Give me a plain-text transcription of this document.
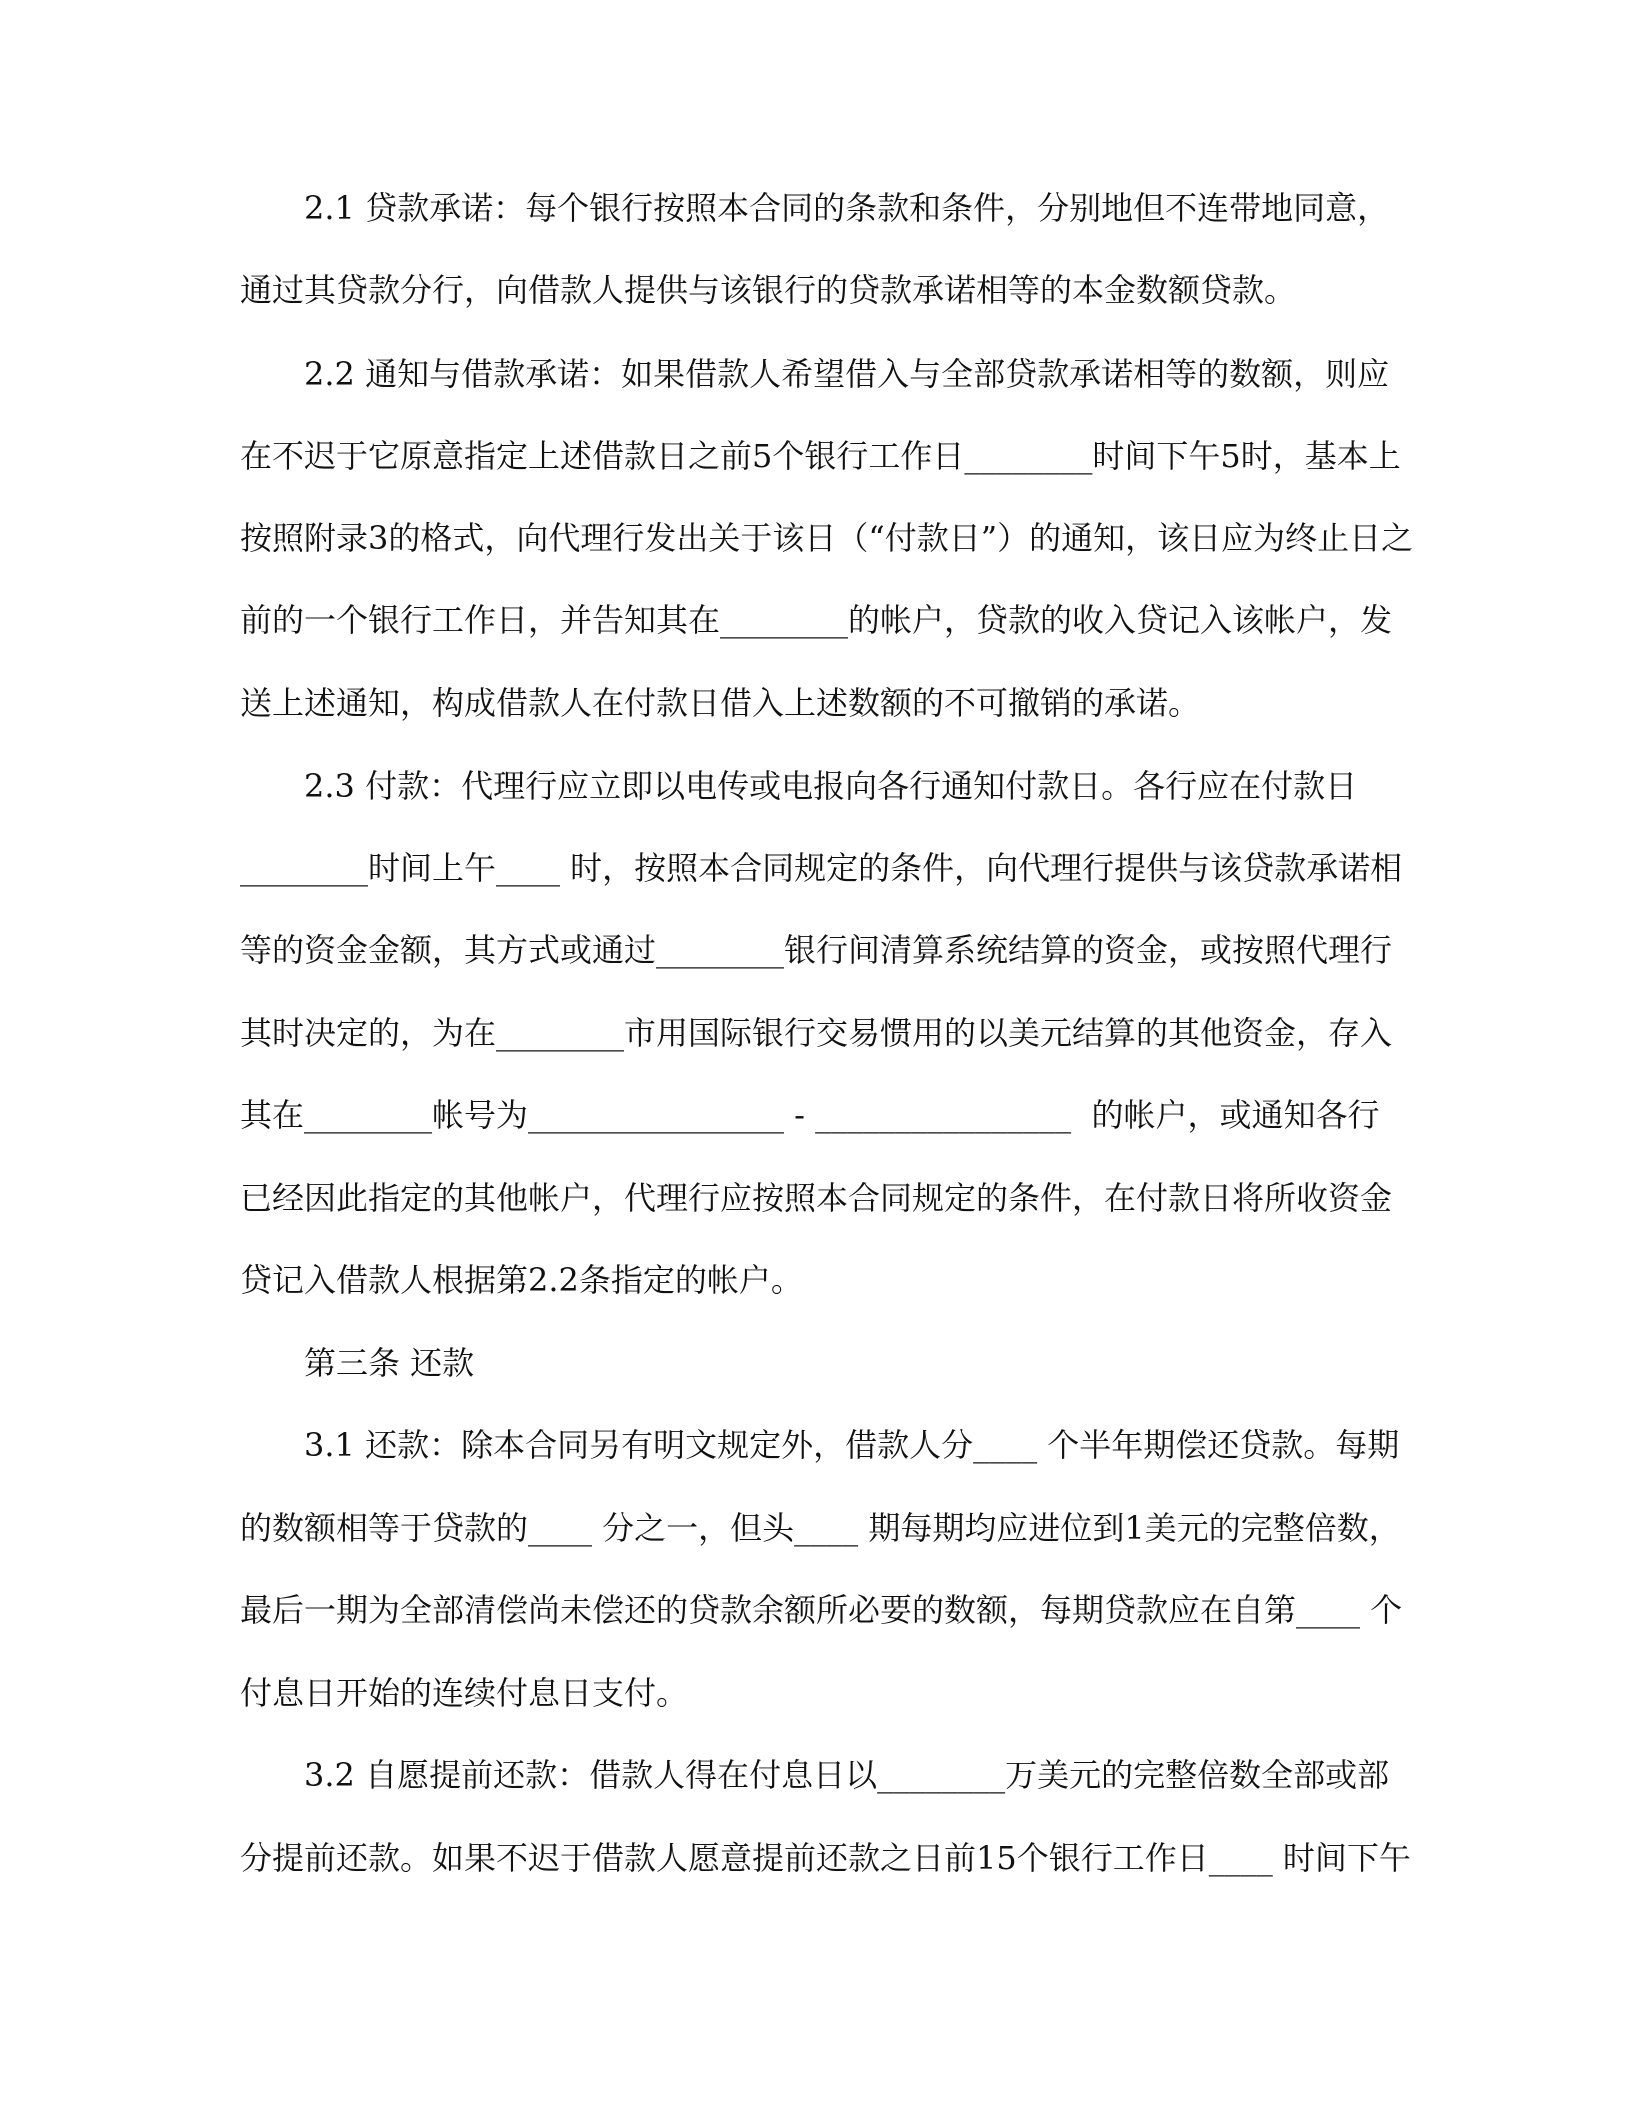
2.1 贷款承诺：每个银行按照本合同的条款和条件，分别地但不连带地同意，
通过其贷款分行，向借款人提供与该银行的贷款承诺相等的本金数额贷款。
2.2 通知与借款承诺：如果借款人希望借入与全部贷款承诺相等的数额，则应
在不迟于它原意指定上述借款日之前5个银行工作日________时间下午5时，基本上
按照附录3的格式，向代理行发出关于该日（“付款日”）的通知，该日应为终止日之
前的一个银行工作日，并告知其在________的帐户，贷款的收入贷记入该帐户，发
送上述通知，构成借款人在付款日借入上述数额的不可撤销的承诺。
2.3 付款：代理行应立即以电传或电报向各行通知付款日。各行应在付款日
________时间上午____ 时，按照本合同规定的条件，向代理行提供与该贷款承诺相
等的资金金额，其方式或通过________银行间清算系统结算的资金，或按照代理行
其时决定的，为在________市用国际银行交易惯用的以美元结算的其他资金，存入
其在________帐号为________________ - ________________  的帐户，或通知各行
已经因此指定的其他帐户，代理行应按照本合同规定的条件，在付款日将所收资金
贷记入借款人根据第2.2条指定的帐户。
第三条 还款
3.1 还款：除本合同另有明文规定外，借款人分____ 个半年期偿还贷款。每期
的数额相等于贷款的____ 分之一，但头____ 期每期均应进位到1美元的完整倍数，
最后一期为全部清偿尚未偿还的贷款余额所必要的数额，每期贷款应在自第____ 个
付息日开始的连续付息日支付。
3.2 自愿提前还款：借款人得在付息日以________万美元的完整倍数全部或部
分提前还款。如果不迟于借款人愿意提前还款之日前15个银行工作日____ 时间下午
